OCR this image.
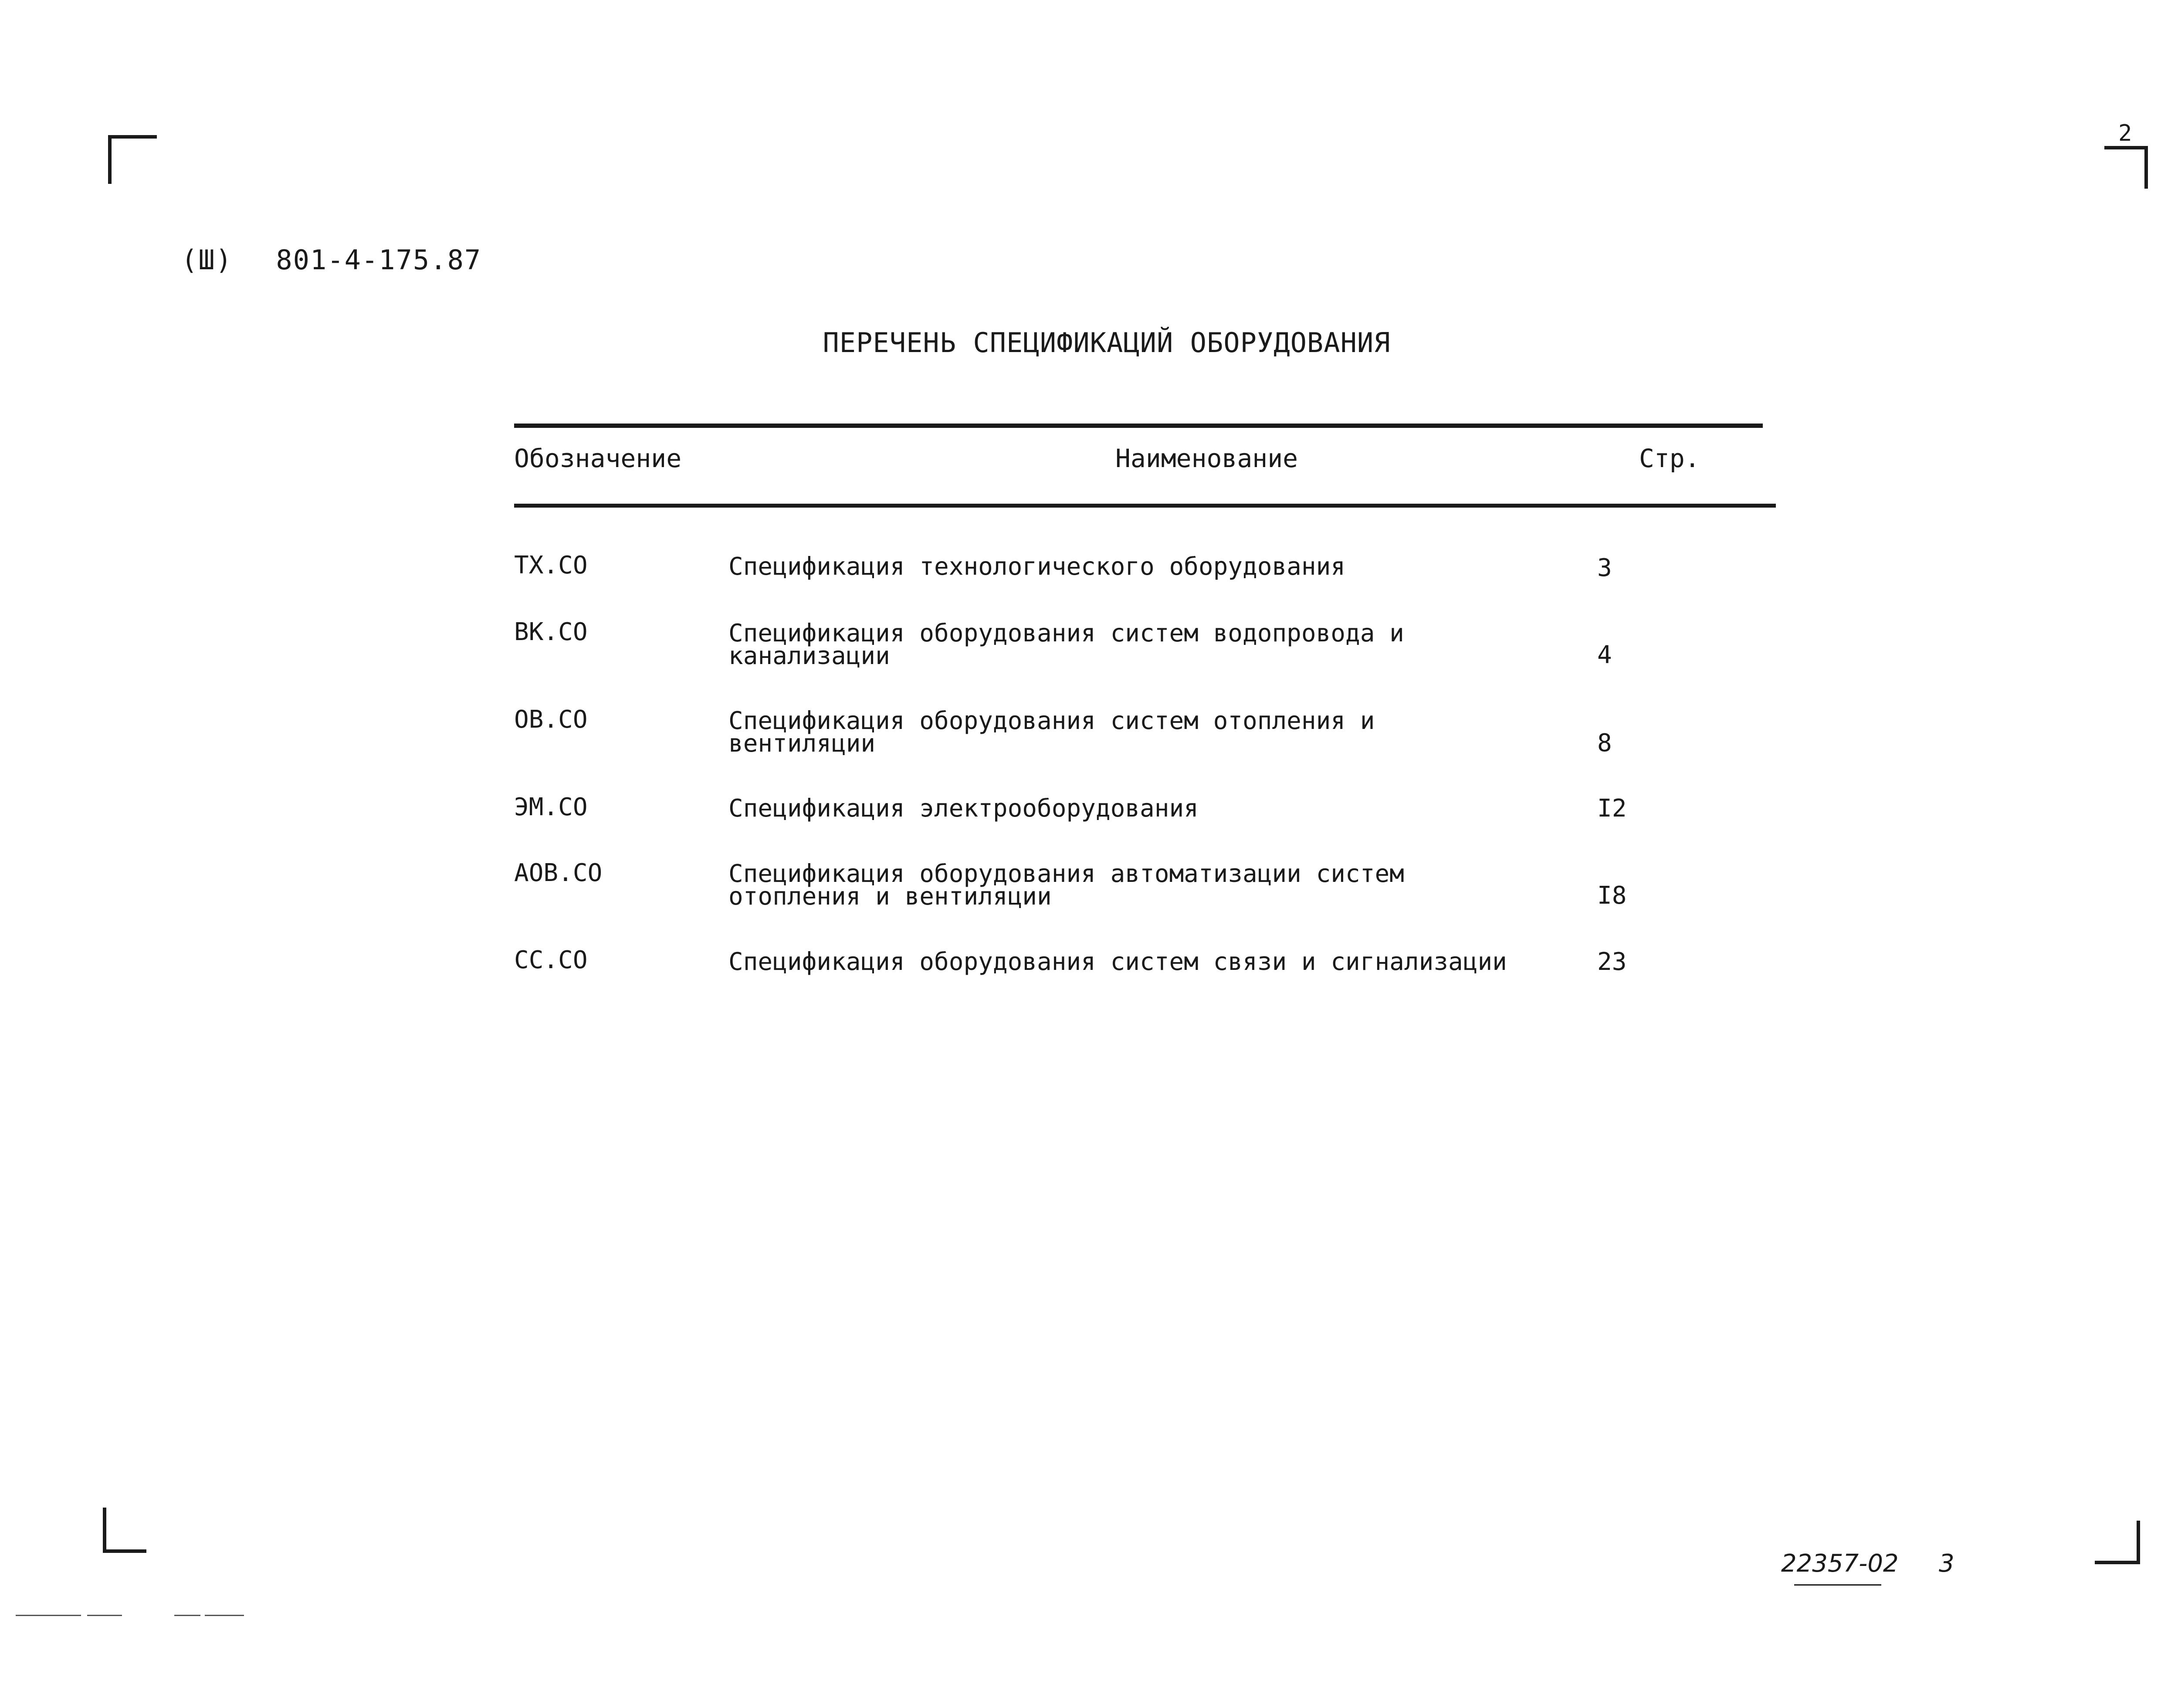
2
(Ш) 801-4-175.87
ПЕРЕЧЕНЬ СПЕЦИФИКАЦИЙ ОБОРУДОВАНИЯ
Обозначение	Наименование	Стр.
ТХ.СО	Спецификация технологического оборудования	3
ВК.СО	Спецификация оборудования систем водопровода и
канализации	4
ОВ.СО	Спецификация оборудования систем отопления и
вентиляции	8
ЭМ.СО	Спецификация электрооборудования	I2
АОВ.СО	Спецификация оборудования автоматизации систем
отопления и вентиляции	I8
СС.СО	Спецификация оборудования систем связи и сигнализации	23
22357-02 3
